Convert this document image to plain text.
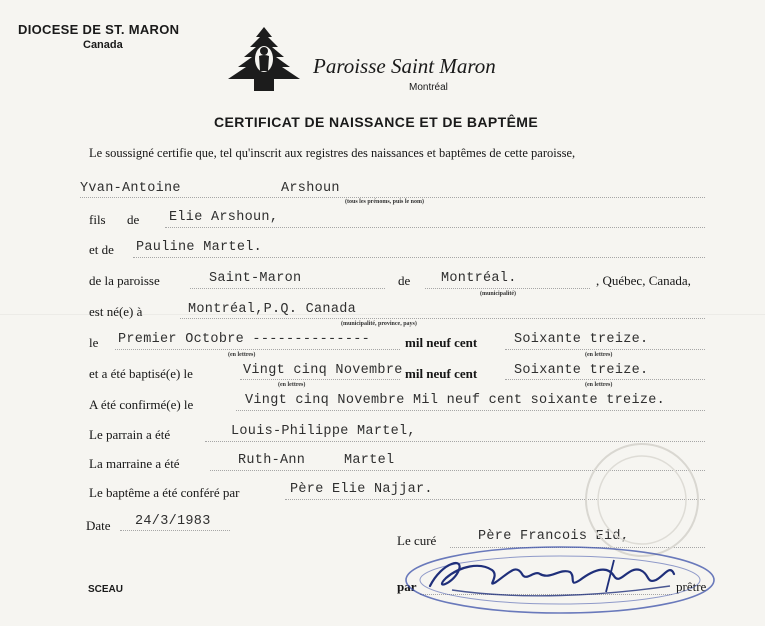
DIOCESE DE ST. MARON
Canada
Paroisse Saint Maron
Montréal
CERTIFICAT DE NAISSANCE ET DE BAPTÊME
Le soussigné certifie que, tel qu'inscrit aux registres des naissances et baptêmes de cette paroisse,
Yvan-Antoine	Arshoun
(tous les prénoms, puis le nom)
fils de Elie Arshoun,
et de Pauline Martel.
de la paroisse	Saint-Maron	de Montréal.	, Québec, Canada,
(municipalité)
est né(e) à	Montréal,P.Q. Canada
(municipalité, province, pays)
le Premier Octobre --------------	mil neuf cent	Soixante treize.
(en lettres)	(en lettres)
et a été baptisé(e) le	Vingt cinq Novembre mil neuf cent	Soixante treize.
(en lettres)	(en lettres)
A été confirmé(e) le	Vingt cinq Novembre Mil neuf cent soixante treize.
Le parrain a été	Louis-Philippe Martel,
La marraine a été	Ruth-Ann	Martel
Le baptême a été conféré par	Père Elie Najjar.
Date 24/3/1983
Le curé	Père Francois Eid,
SCEAU	par	prêtre
